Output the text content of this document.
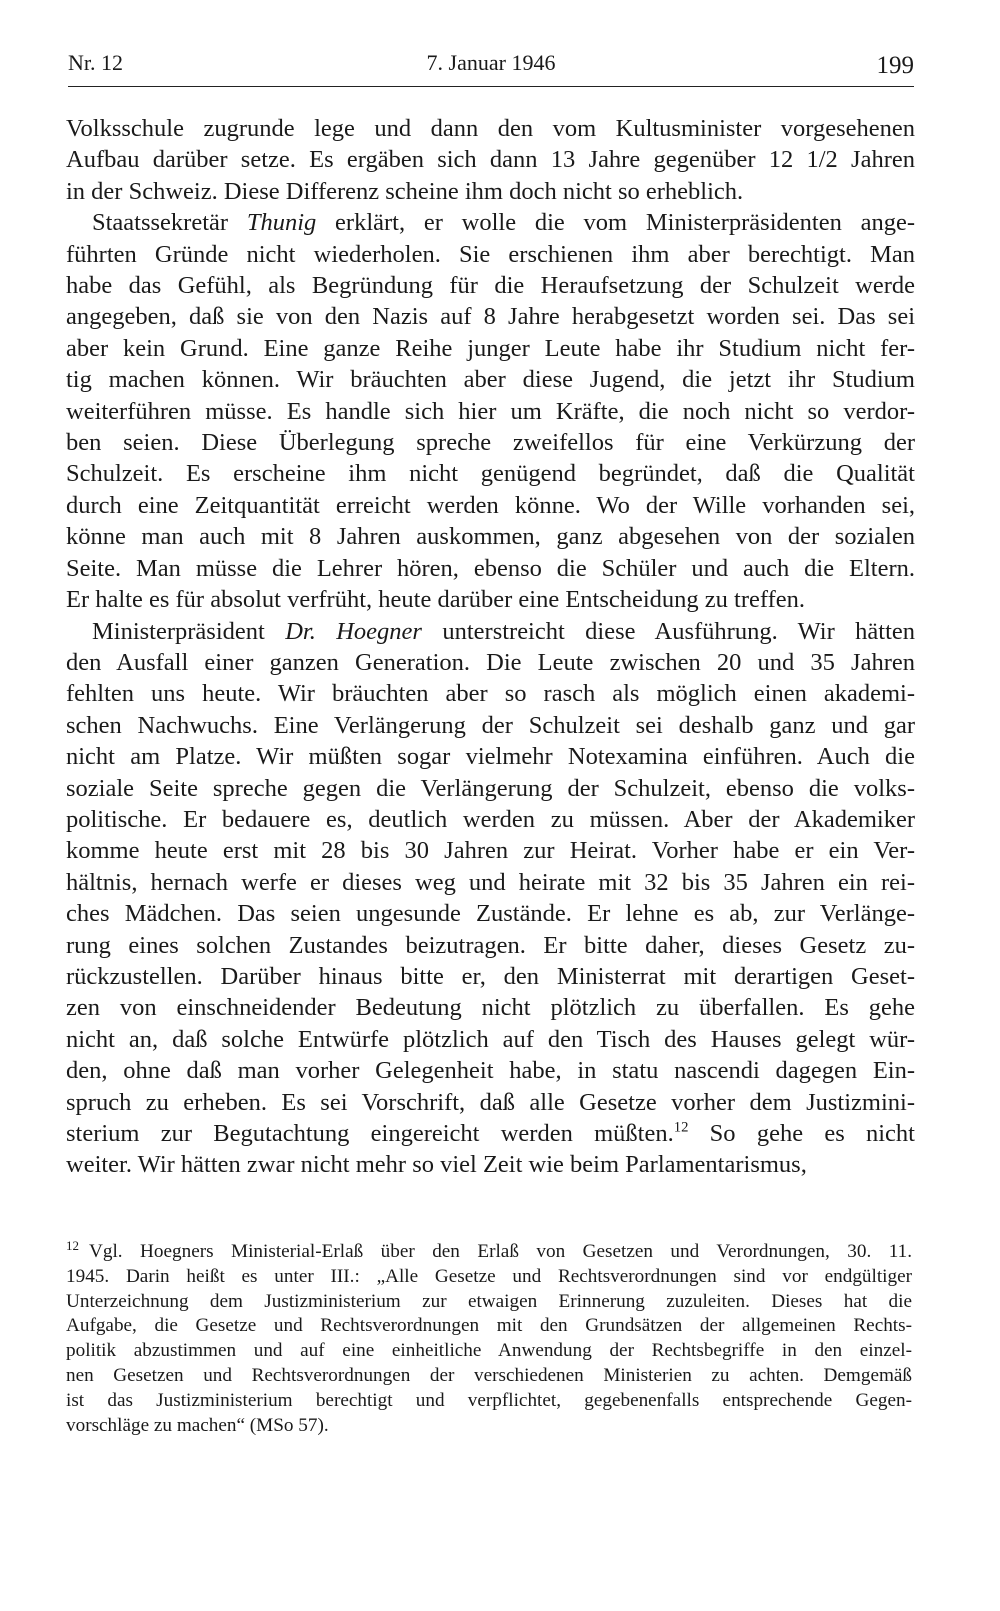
Nr. 12	7. Januar 1946	199
Volksschule zugrunde lege und dann den vom Kultusminister vorgesehenen
Aufbau darüber setze. Es ergäben sich dann 13 Jahre gegenüber 12 1/2 Jahren
in der Schweiz. Diese Differenz scheine ihm doch nicht so erheblich.
Staatssekretär Thunig erklärt, er wolle die vom Ministerpräsidenten ange-
führten Gründe nicht wiederholen. Sie erschienen ihm aber berechtigt. Man
habe das Gefühl, als Begründung für die Heraufsetzung der Schulzeit werde
angegeben, daß sie von den Nazis auf 8 Jahre herabgesetzt worden sei. Das sei
aber kein Grund. Eine ganze Reihe junger Leute habe ihr Studium nicht fer-
tig machen können. Wir bräuchten aber diese Jugend, die jetzt ihr Studium
weiterführen müsse. Es handle sich hier um Kräfte, die noch nicht so verdor-
ben seien. Diese Überlegung spreche zweifellos für eine Verkürzung der
Schulzeit. Es erscheine ihm nicht genügend begründet, daß die Qualität
durch eine Zeitquantität erreicht werden könne. Wo der Wille vorhanden sei,
könne man auch mit 8 Jahren auskommen, ganz abgesehen von der sozialen
Seite. Man müsse die Lehrer hören, ebenso die Schüler und auch die Eltern.
Er halte es für absolut verfrüht, heute darüber eine Entscheidung zu treffen.
Ministerpräsident Dr. Hoegner unterstreicht diese Ausführung. Wir hätten
den Ausfall einer ganzen Generation. Die Leute zwischen 20 und 35 Jahren
fehlten uns heute. Wir bräuchten aber so rasch als möglich einen akademi-
schen Nachwuchs. Eine Verlängerung der Schulzeit sei deshalb ganz und gar
nicht am Platze. Wir müßten sogar vielmehr Notexamina einführen. Auch die
soziale Seite spreche gegen die Verlängerung der Schulzeit, ebenso die volks-
politische. Er bedauere es, deutlich werden zu müssen. Aber der Akademiker
komme heute erst mit 28 bis 30 Jahren zur Heirat. Vorher habe er ein Ver-
hältnis, hernach werfe er dieses weg und heirate mit 32 bis 35 Jahren ein rei-
ches Mädchen. Das seien ungesunde Zustände. Er lehne es ab, zur Verlänge-
rung eines solchen Zustandes beizutragen. Er bitte daher, dieses Gesetz zu-
rückzustellen. Darüber hinaus bitte er, den Ministerrat mit derartigen Geset-
zen von einschneidender Bedeutung nicht plötzlich zu überfallen. Es gehe
nicht an, daß solche Entwürfe plötzlich auf den Tisch des Hauses gelegt wür-
den, ohne daß man vorher Gelegenheit habe, in statu nascendi dagegen Ein-
spruch zu erheben. Es sei Vorschrift, daß alle Gesetze vorher dem Justizmini-
sterium zur Begutachtung eingereicht werden müßten.$^{12}$ So gehe es nicht
weiter. Wir hätten zwar nicht mehr so viel Zeit wie beim Parlamentarismus,
12 Vgl. Hoegners Ministerial-Erlaß über den Erlaß von Gesetzen und Verordnungen, 30. 11.
1945. Darin heißt es unter III.: „Alle Gesetze und Rechtsverordnungen sind vor endgültiger
Unterzeichnung dem Justizministerium zur etwaigen Erinnerung zuzuleiten. Dieses hat die
Aufgabe, die Gesetze und Rechtsverordnungen mit den Grundsätzen der allgemeinen Rechts-
politik abzustimmen und auf eine einheitliche Anwendung der Rechtsbegriffe in den einzel-
nen Gesetzen und Rechtsverordnungen der verschiedenen Ministerien zu achten. Demgemäß
ist das Justizministerium berechtigt und verpflichtet, gegebenenfalls entsprechende Gegen-
vorschläge zu machen“ (MSo 57).
